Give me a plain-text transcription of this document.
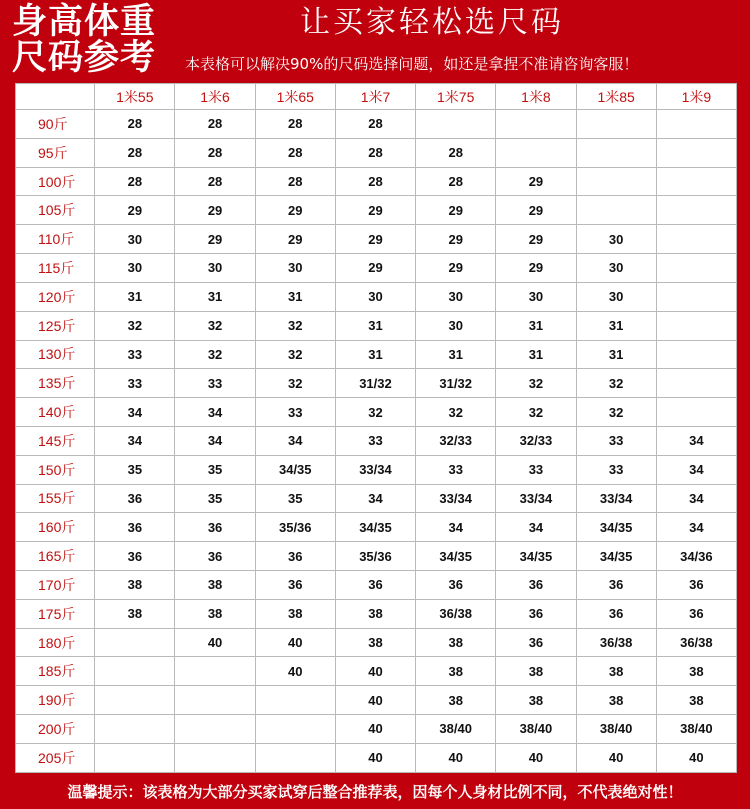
身高体重
尺码参考
让买家轻松选尺码
本表格可以解决90%的尺码选择问题，如还是拿捏不准请咨询客服！
	1米55	1米6	1米65	1米7	1米75	1米8	1米85	1米9
90斤	28	28	28	28				
95斤	28	28	28	28	28			
100斤	28	28	28	28	28	29		
105斤	29	29	29	29	29	29		
110斤	30	29	29	29	29	29	30	
115斤	30	30	30	29	29	29	30	
120斤	31	31	31	30	30	30	30	
125斤	32	32	32	31	30	31	31	
130斤	33	32	32	31	31	31	31	
135斤	33	33	32	31/32	31/32	32	32	
140斤	34	34	33	32	32	32	32	
145斤	34	34	34	33	32/33	32/33	33	34
150斤	35	35	34/35	33/34	33	33	33	34
155斤	36	35	35	34	33/34	33/34	33/34	34
160斤	36	36	35/36	34/35	34	34	34/35	34
165斤	36	36	36	35/36	34/35	34/35	34/35	34/36
170斤	38	38	36	36	36	36	36	36
175斤	38	38	38	38	36/38	36	36	36
180斤		40	40	38	38	36	36/38	36/38
185斤			40	40	38	38	38	38
190斤				40	38	38	38	38
200斤				40	38/40	38/40	38/40	38/40
205斤				40	40	40	40	40
温馨提示：该表格为大部分买家试穿后整合推荐表，因每个人身材比例不同，不代表绝对性！
